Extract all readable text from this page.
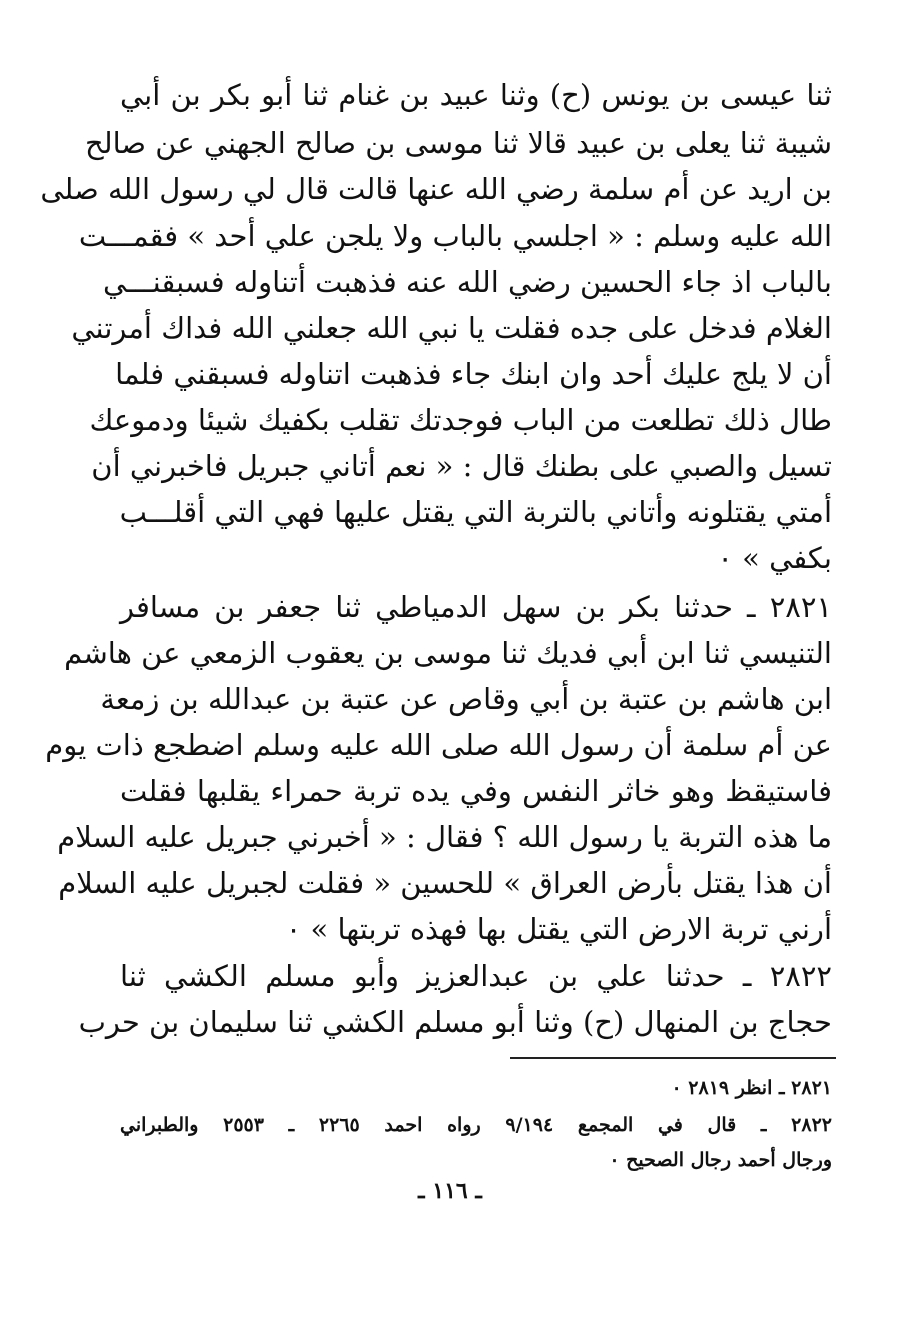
ثنا عيسى بن يونس (ح) وثنا عبيد بن غنام ثنا أبو بكر بن أبي
شيبة ثنا يعلى بن عبيد قالا ثنا موسى بن صالح الجهني عن صالح
بن اريد عن أم سلمة رضي الله عنها قالت قال لي رسول الله صلى
الله عليه وسلم : « اجلسي بالباب ولا يلجن علي أحد » فقمـــت
بالباب اذ جاء الحسين رضي الله عنه فذهبت أتناوله فسبقنـــي
الغلام فدخل على جده فقلت يا نبي الله جعلني الله فداك أمرتني
أن لا يلج عليك أحد وان ابنك جاء فذهبت اتناوله فسبقني فلما
طال ذلك تطلعت من الباب فوجدتك تقلب بكفيك شيئا ودموعك
تسيل والصبي على بطنك قال : « نعم أتاني جبريل فاخبرني أن
أمتي يقتلونه وأتاني بالتربة التي يقتل عليها فهي التي أقلـــب
بكفي » ٠
٢٨٢١ ـ حدثنا بكر بن سهل الدمياطي ثنا جعفر بن مسافر
التنيسي ثنا ابن أبي فديك ثنا موسى بن يعقوب الزمعي عن هاشم
ابن هاشم بن عتبة بن أبي وقاص عن عتبة بن عبدالله بن زمعة
عن أم سلمة أن رسول الله صلى الله عليه وسلم اضطجع ذات يوم
فاستيقظ وهو خاثر النفس وفي يده تربة حمراء يقلبها فقلت
ما هذه التربة يا رسول الله ؟ فقال : « أخبرني جبريل عليه السلام
أن هذا يقتل بأرض العراق » للحسين « فقلت لجبريل عليه السلام
أرني تربة الارض التي يقتل بها فهذه تربتها » ٠
٢٨٢٢ ـ حدثنا علي بن عبدالعزيز وأبو مسلم الكشي ثنا
حجاج بن المنهال (ح) وثنا أبو مسلم الكشي ثنا سليمان بن حرب
٢٨٢١ ـ انظر ٢٨١٩ ٠
٢٨٢٢ ـ قال في المجمع ٩/١٩٤ رواه احمد ٢٢٦٥ ـ ٢٥٥٣ والطبراني
ورجال أحمد رجال الصحيح ٠
ـ ١١٦ ـ
